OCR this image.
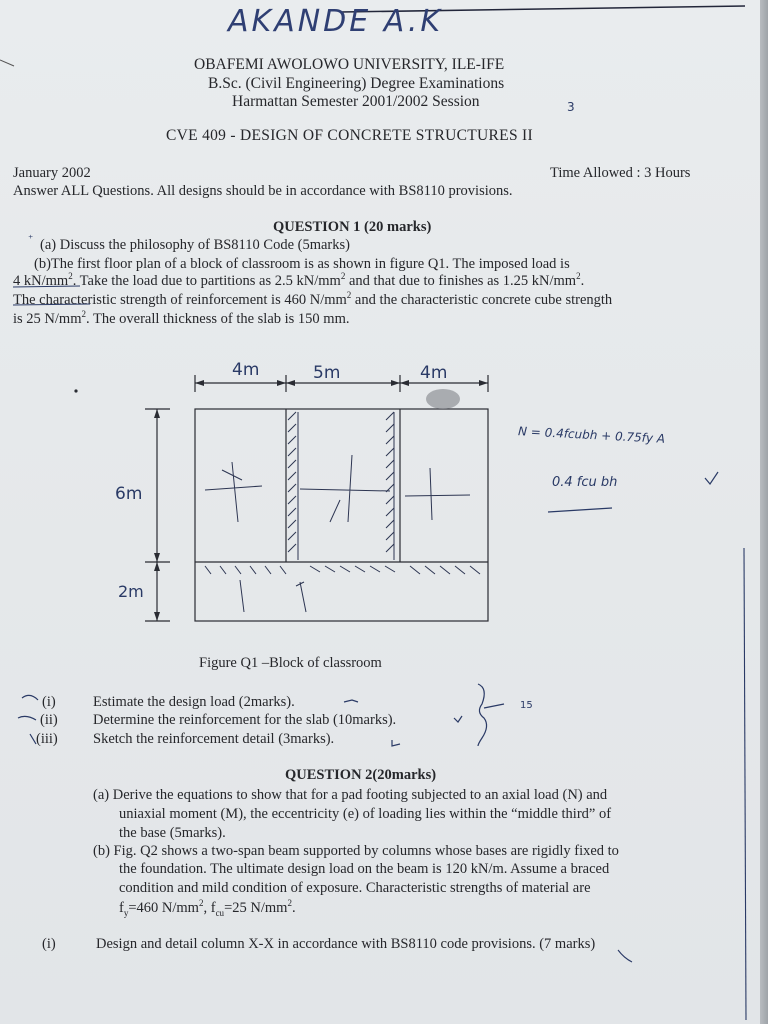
AKANDE A.K
OBAFEMI AWOLOWO UNIVERSITY, ILE-IFE
B.Sc. (Civil Engineering) Degree Examinations
Harmattan Semester 2001/2002 Session	3
CVE 409 - DESIGN OF CONCRETE STRUCTURES II
January 2002	Time Allowed : 3 Hours
Answer ALL Questions. All designs should be in accordance with BS8110 provisions.
QUESTION 1 (20 marks)
⁺ (a) Discuss the philosophy of BS8110 Code (5marks)
(b)The first floor plan of a block of classroom is as shown in figure Q1. The imposed load is
4 $kN/mm^2$. Take the load due to partitions as 2.5 $kN/mm^2$ and that due to finishes as 1.25 $kN/mm^2$.
The characteristic strength of reinforcement is 460 $N/mm^2$ and the characteristic concrete cube strength
is 25 $N/mm^2$. The overall thickness of the slab is 150 mm.
4m	5m	4m
6m
2m
N = 0.4fcubh + 0.75fy A
0.4 fcu bh
Figure Q1 –Block of classroom
(i)	Estimate the design load (2marks).
(ii) Determine the reinforcement for the slab (10marks).
(iii) Sketch the reinforcement detail (3marks).
15
QUESTION 2(20marks)
(a) Derive the equations to show that for a pad footing subjected to an axial load (N) and
uniaxial moment (M), the eccentricity (e) of loading lies within the “middle third” of
the base (5marks).
(b) Fig. Q2 shows a two-span beam supported by columns whose bases are rigidly fixed to
the foundation. The ultimate design load on the beam is 120 kN/m. Assume a braced
condition and mild condition of exposure. Characteristic strengths of material are
$f_y=460$ $N/mm^2$, $f_{cu}=25$ $N/mm^2$.
(i)	Design and detail column X-X in accordance with BS8110 code provisions. (7 marks)
